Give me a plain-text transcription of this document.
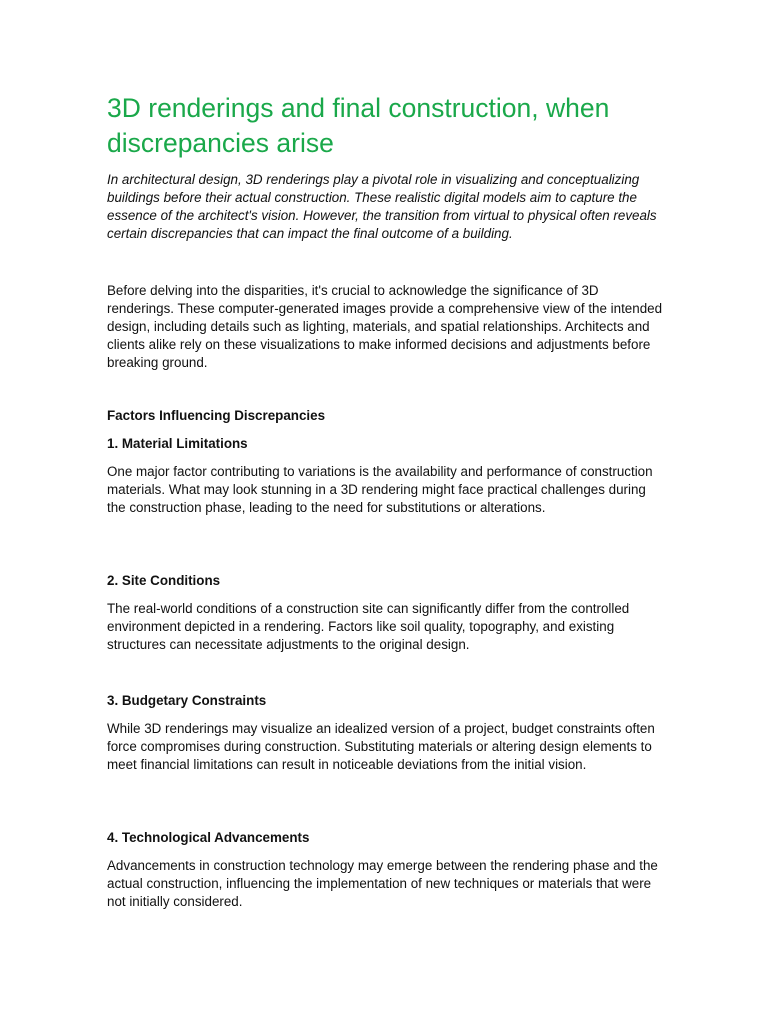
3D renderings and final construction, when discrepancies arise

In architectural design, 3D renderings play a pivotal role in visualizing and conceptualizing buildings before their actual construction. These realistic digital models aim to capture the essence of the architect's vision. However, the transition from virtual to physical often reveals certain discrepancies that can impact the final outcome of a building.

Before delving into the disparities, it's crucial to acknowledge the significance of 3D renderings. These computer-generated images provide a comprehensive view of the intended design, including details such as lighting, materials, and spatial relationships. Architects and clients alike rely on these visualizations to make informed decisions and adjustments before breaking ground.

Factors Influencing Discrepancies

1. Material Limitations

One major factor contributing to variations is the availability and performance of construction materials. What may look stunning in a 3D rendering might face practical challenges during the construction phase, leading to the need for substitutions or alterations.

2. Site Conditions

The real-world conditions of a construction site can significantly differ from the controlled environment depicted in a rendering. Factors like soil quality, topography, and existing structures can necessitate adjustments to the original design.

3. Budgetary Constraints

While 3D renderings may visualize an idealized version of a project, budget constraints often force compromises during construction. Substituting materials or altering design elements to meet financial limitations can result in noticeable deviations from the initial vision.

4. Technological Advancements

Advancements in construction technology may emerge between the rendering phase and the actual construction, influencing the implementation of new techniques or materials that were not initially considered.
